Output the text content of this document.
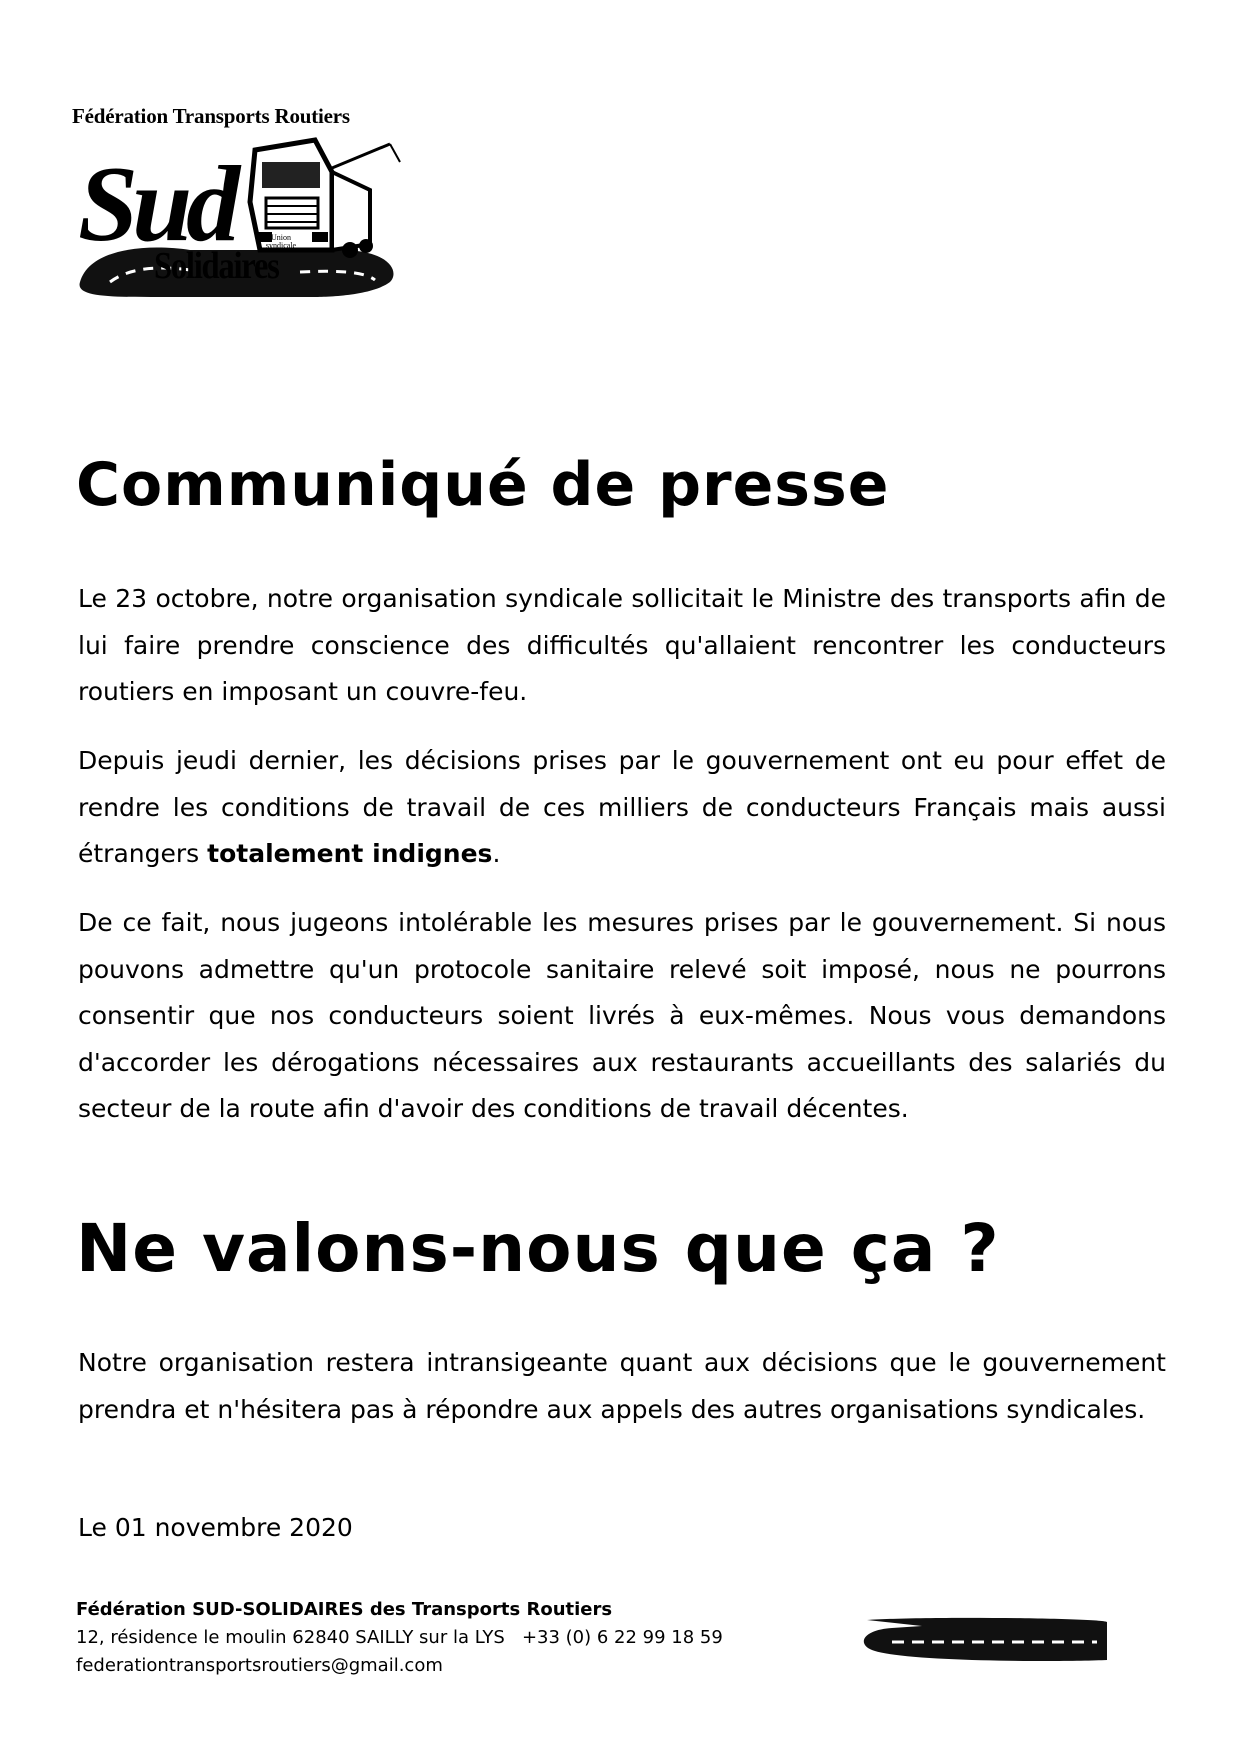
Fédération Transports Routiers
Sud	Union
syndicale
Solidaires
Communiqué de presse

Le 23 octobre, notre organisation syndicale sollicitait le Ministre des transports afin de lui faire prendre conscience des difficultés qu'allaient rencontrer les conducteurs routiers en imposant un couvre-feu.

Depuis jeudi dernier, les décisions prises par le gouvernement ont eu pour effet de rendre les conditions de travail de ces milliers de conducteurs Français mais aussi étrangers totalement indignes.

De ce fait, nous jugeons intolérable les mesures prises par le gouvernement. Si nous pouvons admettre qu'un protocole sanitaire relevé soit imposé, nous ne pourrons consentir que nos conducteurs soient livrés à eux-mêmes. Nous vous demandons d'accorder les dérogations nécessaires aux restaurants accueillants des salariés du secteur de la route afin d'avoir des conditions de travail décentes.

Ne valons-nous que ça ?

Notre organisation restera intransigeante quant aux décisions que le gouvernement prendra et n'hésitera pas à répondre aux appels des autres organisations syndicales.

Le 01 novembre 2020

Fédération SUD-SOLIDAIRES des Transports Routiers
12, résidence le moulin 62840 SAILLY sur la LYS +33 (0) 6 22 99 18 59
federationtransportsroutiers@gmail.com
